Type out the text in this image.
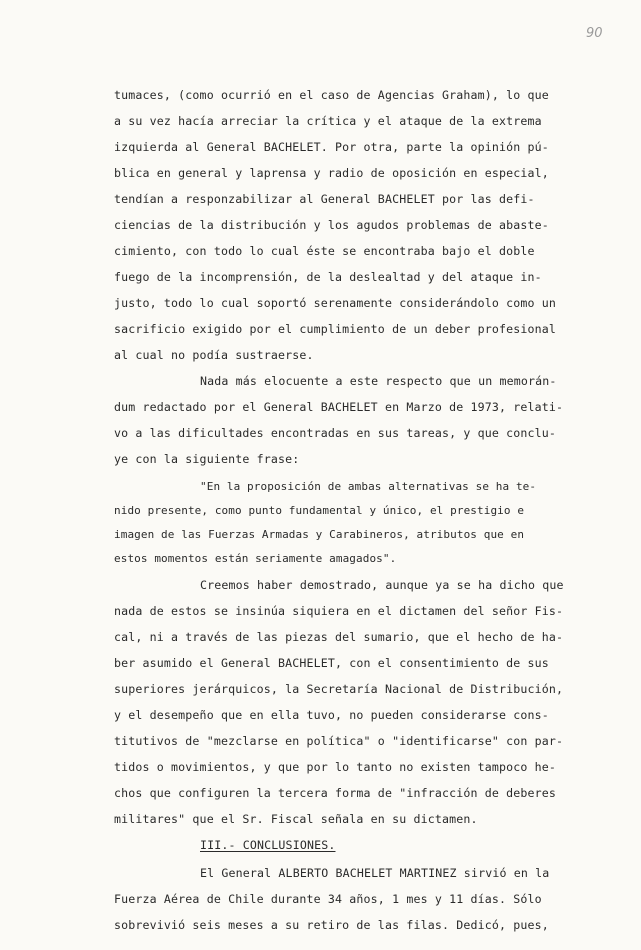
90
tumaces, (como ocurrió en el caso de Agencias Graham), lo que
a su vez hacía arreciar la crítica y el ataque de la extrema
izquierda al General BACHELET. Por otra, parte la opinión pú-
blica en general y laprensa y radio de oposición en especial,
tendían a responzabilizar al General BACHELET por las defi-
ciencias de la distribución y los agudos problemas de abaste-
cimiento, con todo lo cual éste se encontraba bajo el doble
fuego de la incomprensión, de la deslealtad y del ataque in-
justo, todo lo cual soportó serenamente considerándolo como un
sacrificio exigido por el cumplimiento de un deber profesional
al cual no podía sustraerse.
Nada más elocuente a este respecto que un memorán-
dum redactado por el General BACHELET en Marzo de 1973, relati-
vo a las dificultades encontradas en sus tareas, y que conclu-
ye con la siguiente frase:
"En la proposición de ambas alternativas se ha te-
nido presente, como punto fundamental y único, el prestigio e
imagen de las Fuerzas Armadas y Carabineros, atributos que en
estos momentos están seriamente amagados".
Creemos haber demostrado, aunque ya se ha dicho que
nada de estos se insinúa siquiera en el dictamen del señor Fis-
cal, ni a través de las piezas del sumario, que el hecho de ha-
ber asumido el General BACHELET, con el consentimiento de sus
superiores jerárquicos, la Secretaría Nacional de Distribución,
y el desempeño que en ella tuvo, no pueden considerarse cons-
titutivos de "mezclarse en política" o "identificarse" con par-
tidos o movimientos, y que por lo tanto no existen tampoco he-
chos que configuren la tercera forma de "infracción de deberes
militares" que el Sr. Fiscal señala en su dictamen.
III.- CONCLUSIONES.
El General ALBERTO BACHELET MARTINEZ sirvió en la
Fuerza Aérea de Chile durante 34 años, 1 mes y 11 días. Sólo
sobrevivió seis meses a su retiro de las filas. Dedicó, pues,
